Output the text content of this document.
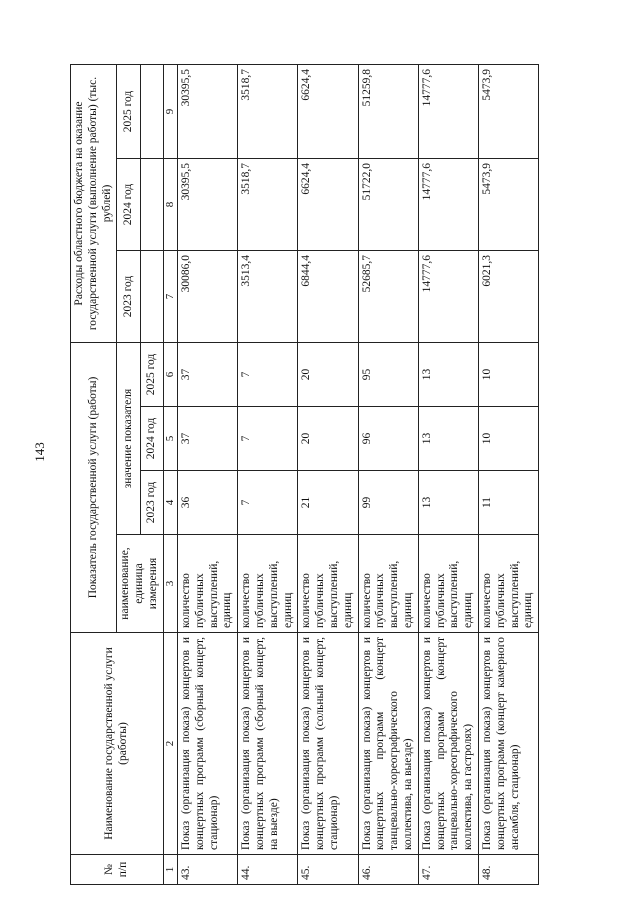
143
№ п/п	Наименование государственной услуги (работы)	Показатель государственной услуги (работы)				Расходы областного бюджета на оказание государственной услуги (выполнение работы) (тыс. рублей)		
		наименование, единица измерения	значение показателя			2023 год	2024 год	2025 год
			2023 год	2024 год	2025 год			
1	2	3	4	5	6	7	8	9
43.	Показ (организация показа) концертов и концертных программ (сборный концерт, стационар)	количество публичных выступлений, единиц	36	37	37	30086,0	30395,5	30395,5
44.	Показ (организация показа) концертов и концертных программ (сборный концерт, на выезде)	количество публичных выступлений, единиц	7	7	7	3513,4	3518,7	3518,7
45.	Показ (организация показа) концертов и концертных программ (сольный концерт, стационар)	количество публичных выступлений, единиц	21	20	20	6844,4	6624,4	6624,4
46.	Показ (организация показа) концертов и концертных программ (концерт танцевально-хореографического коллектива, на выезде)	количество публичных выступлений, единиц	99	96	95	52685,7	51722,0	51259,8
47.	Показ (организация показа) концертов и концертных программ (концерт танцевально-хореографического коллектива, на гастролях)	количество публичных выступлений, единиц	13	13	13	14777,6	14777,6	14777,6
48.	Показ (организация показа) концертов и концертных программ (концерт камерного ансамбля, стационар)	количество публичных выступлений, единиц	11	10	10	6021,3	5473,9	5473,9
